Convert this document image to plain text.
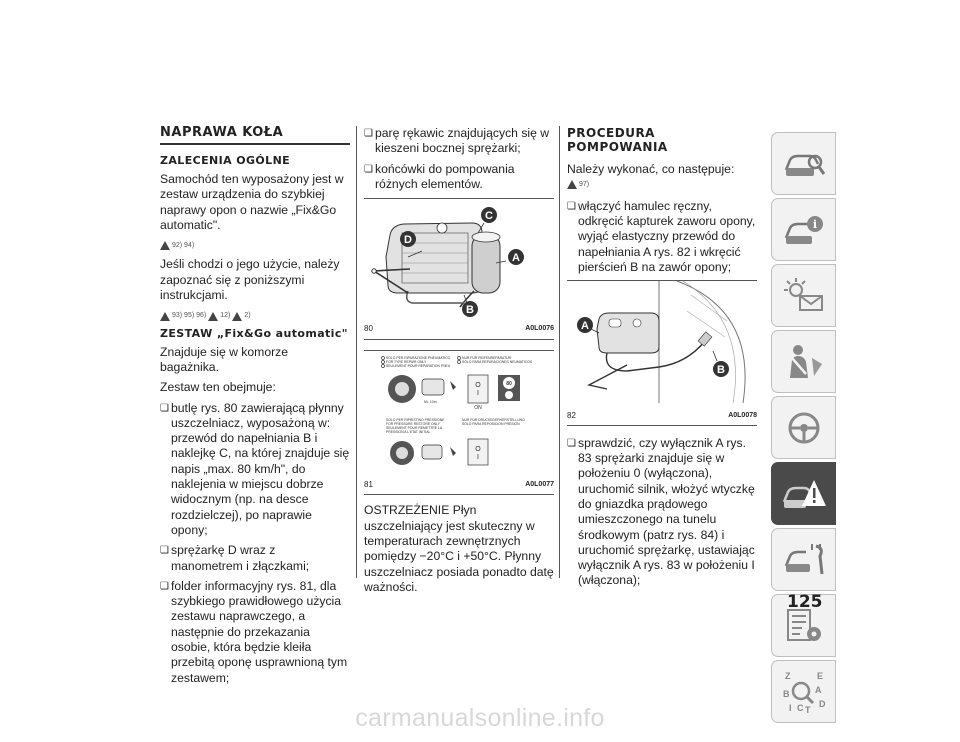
NAPRAWA KOŁA
ZALECENIA OGÓLNE

Samochód ten wyposażony jest w zestaw urządzenia do szybkiej naprawy opon o nazwie „Fix&Go automatic".

92) 94)

Jeśli chodzi o jego użycie, należy zapoznać się z poniższymi instrukcjami.

93) 95) 96) 12) 2)
ZESTAW „Fix&Go automatic"

Znajduje się w komorze bagażnika.

Zestaw ten obejmuje:

❏ butlę rys. 80 zawierającą płynny uszczelniacz, wyposażoną w: przewód do napełniania B i naklejkę C, na której znajduje się napis „max. 80 km/h", do naklejenia w miejscu dobrze widocznym (np. na desce rozdzielczej), po naprawie opony;
❏ sprężarkę D wraz z manometrem i złączkami;
❏ folder informacyjny rys. 81, dla szybkiego prawidłowego użycia zestawu naprawczego, a następnie do przekazania osobie, która będzie kleiła przebitą oponę usprawnioną tym zestawem;
❏ parę rękawic znajdujących się w kieszeni bocznej sprężarki;
❏ końcówki do pompowania różnych elementów.
C
D
A
B
80	A0L0076
SOLO PER RIPARAZIONE PNEUMATICO
FOR TYRE REPAIR ONLY
SEULEMENT POUR REPARATION PNEU
NUR FUR REIFENREPARATUR
SOLO PARA REPARACIONES NEUMATICOS
SOLO PER RIPRISTINO PRESSIONE
FOR PRESSURE RESTORE ONLY
SEULEMENT POUR REMETTRE LA
PRESSION A L'ETAT INITIAL
NUR FUR DRUCKEDERHERSTELLUNG
SOLO PARA REPOSICION PRESION
Mr. 10m
O
I
ON
80
O
I
81	A0L0077

OSTRZEŻENIE Płyn uszczelniający jest skuteczny w temperaturach zewnętrznych pomiędzy −20°C i +50°C. Płynny uszczelniacz posiada ponadto datę ważności.

PROCEDURA POMPOWANIA

Należy wykonać, co następuje:
97)

❏ włączyć hamulec ręczny, odkręcić kapturek zaworu opony, wyjąć elastyczny przewód do napełniania A rys. 82 i wkręcić pierścień B na zawór opony;
A
B
82	A0L0078
❏ sprawdzić, czy wyłącznik A rys. 83 sprężarki znajduje się w położeniu 0 (wyłączona), uruchomić silnik, włożyć wtyczkę do gniazdka prądowego umieszczonego na tunelu środkowym (patrz rys. 84) i uruchomić sprężarkę, ustawiając wyłącznik A rys. 83 w położeniu I (włączona);
i
Z	E
A
B
I C T
D
125
carmanualsonline.info
